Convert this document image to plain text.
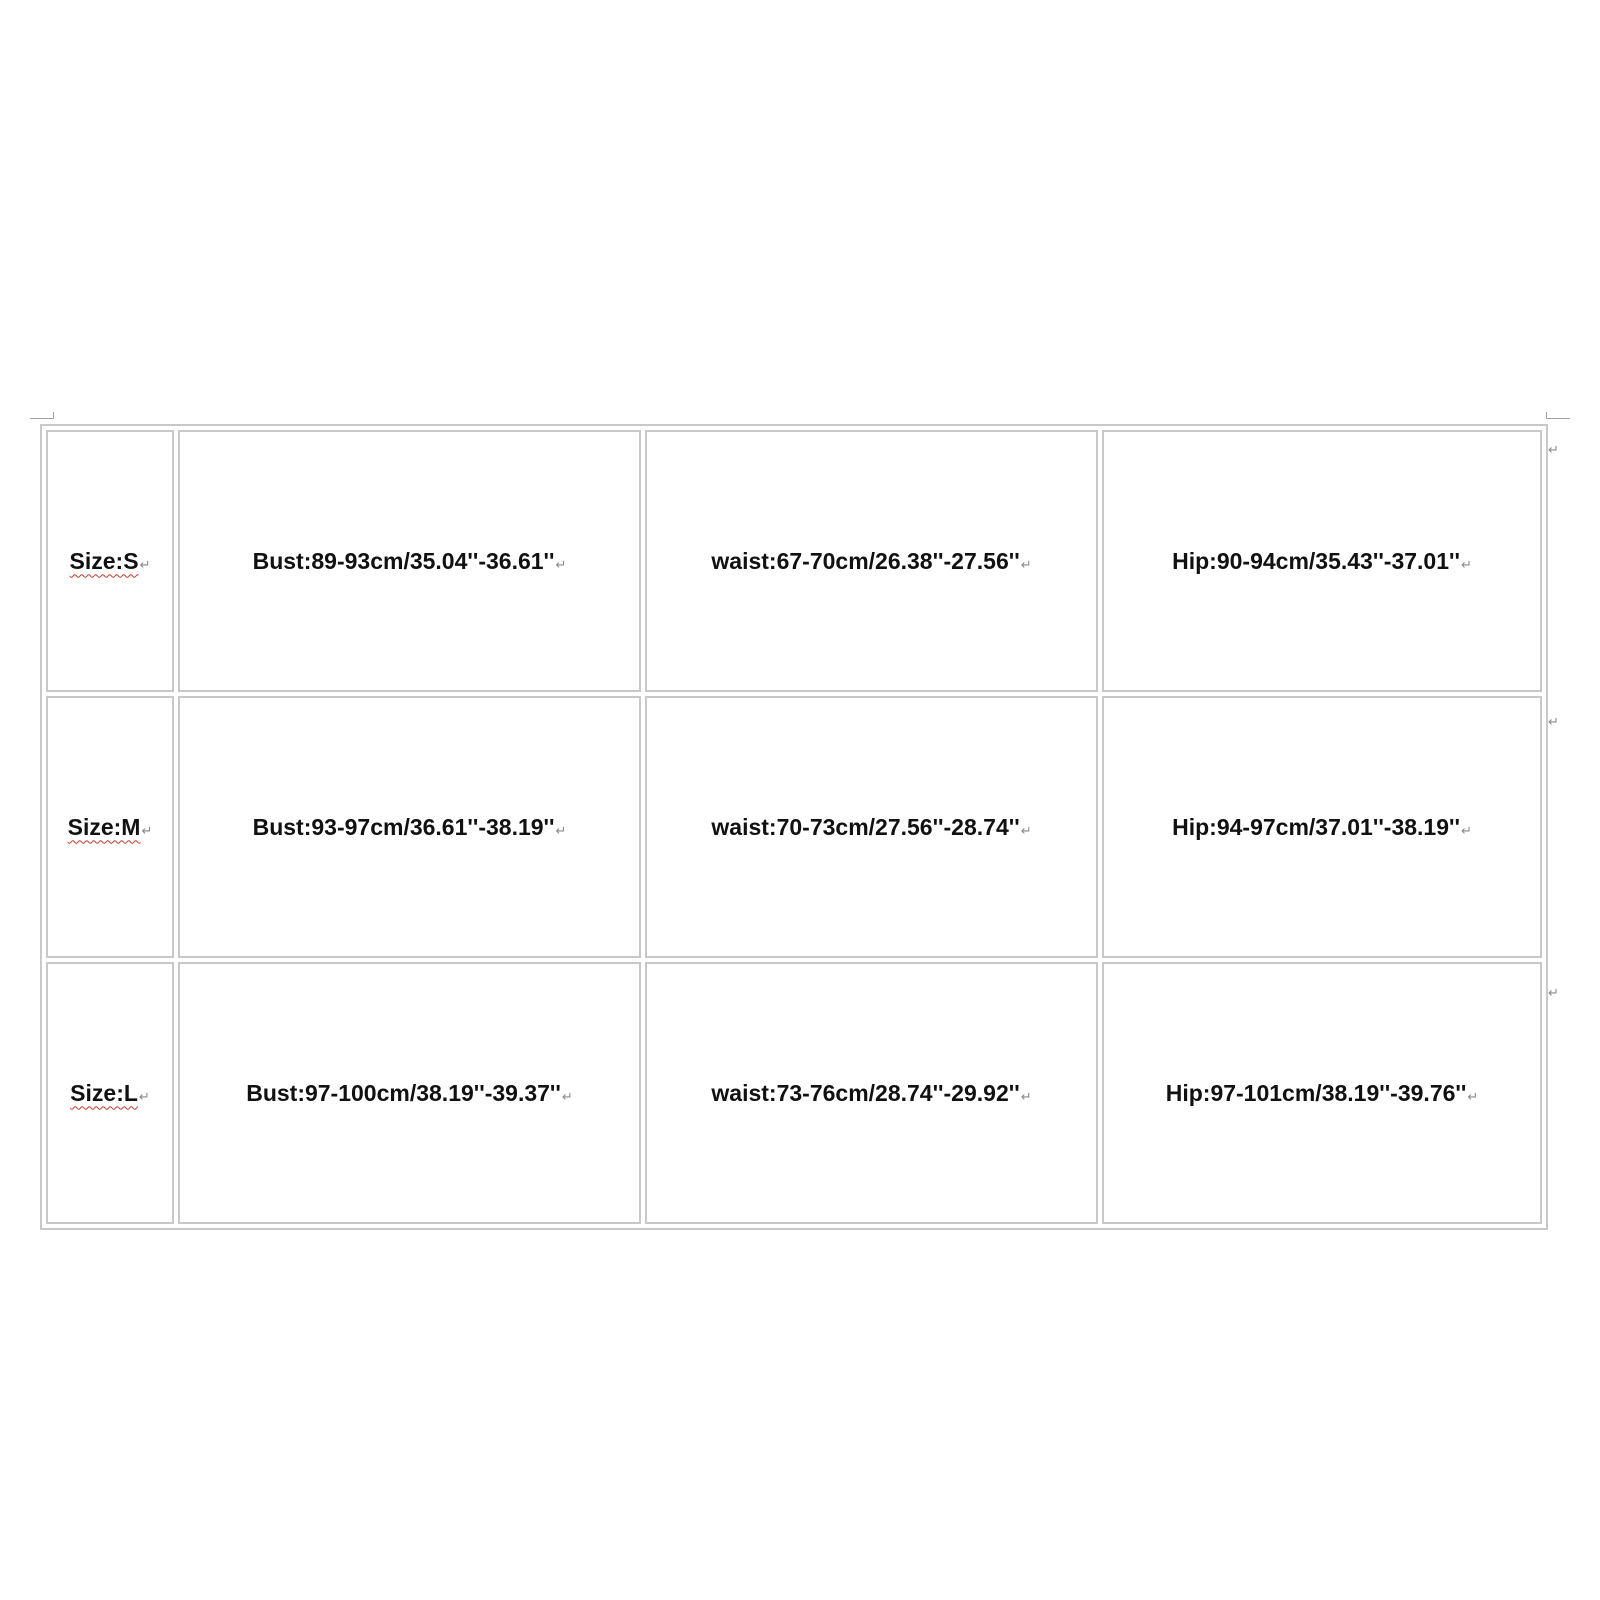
Size:S↵	Bust:89-93cm/35.04''-36.61''↵	waist:67-70cm/26.38''-27.56''↵	Hip:90-94cm/35.43''-37.01''↵
Size:M↵	Bust:93-97cm/36.61''-38.19''↵	waist:70-73cm/27.56''-28.74''↵	Hip:94-97cm/37.01''-38.19''↵
Size:L↵	Bust:97-100cm/38.19''-39.37''↵	waist:73-76cm/28.74''-29.92''↵	Hip:97-101cm/38.19''-39.76''↵
↵
↵
↵
